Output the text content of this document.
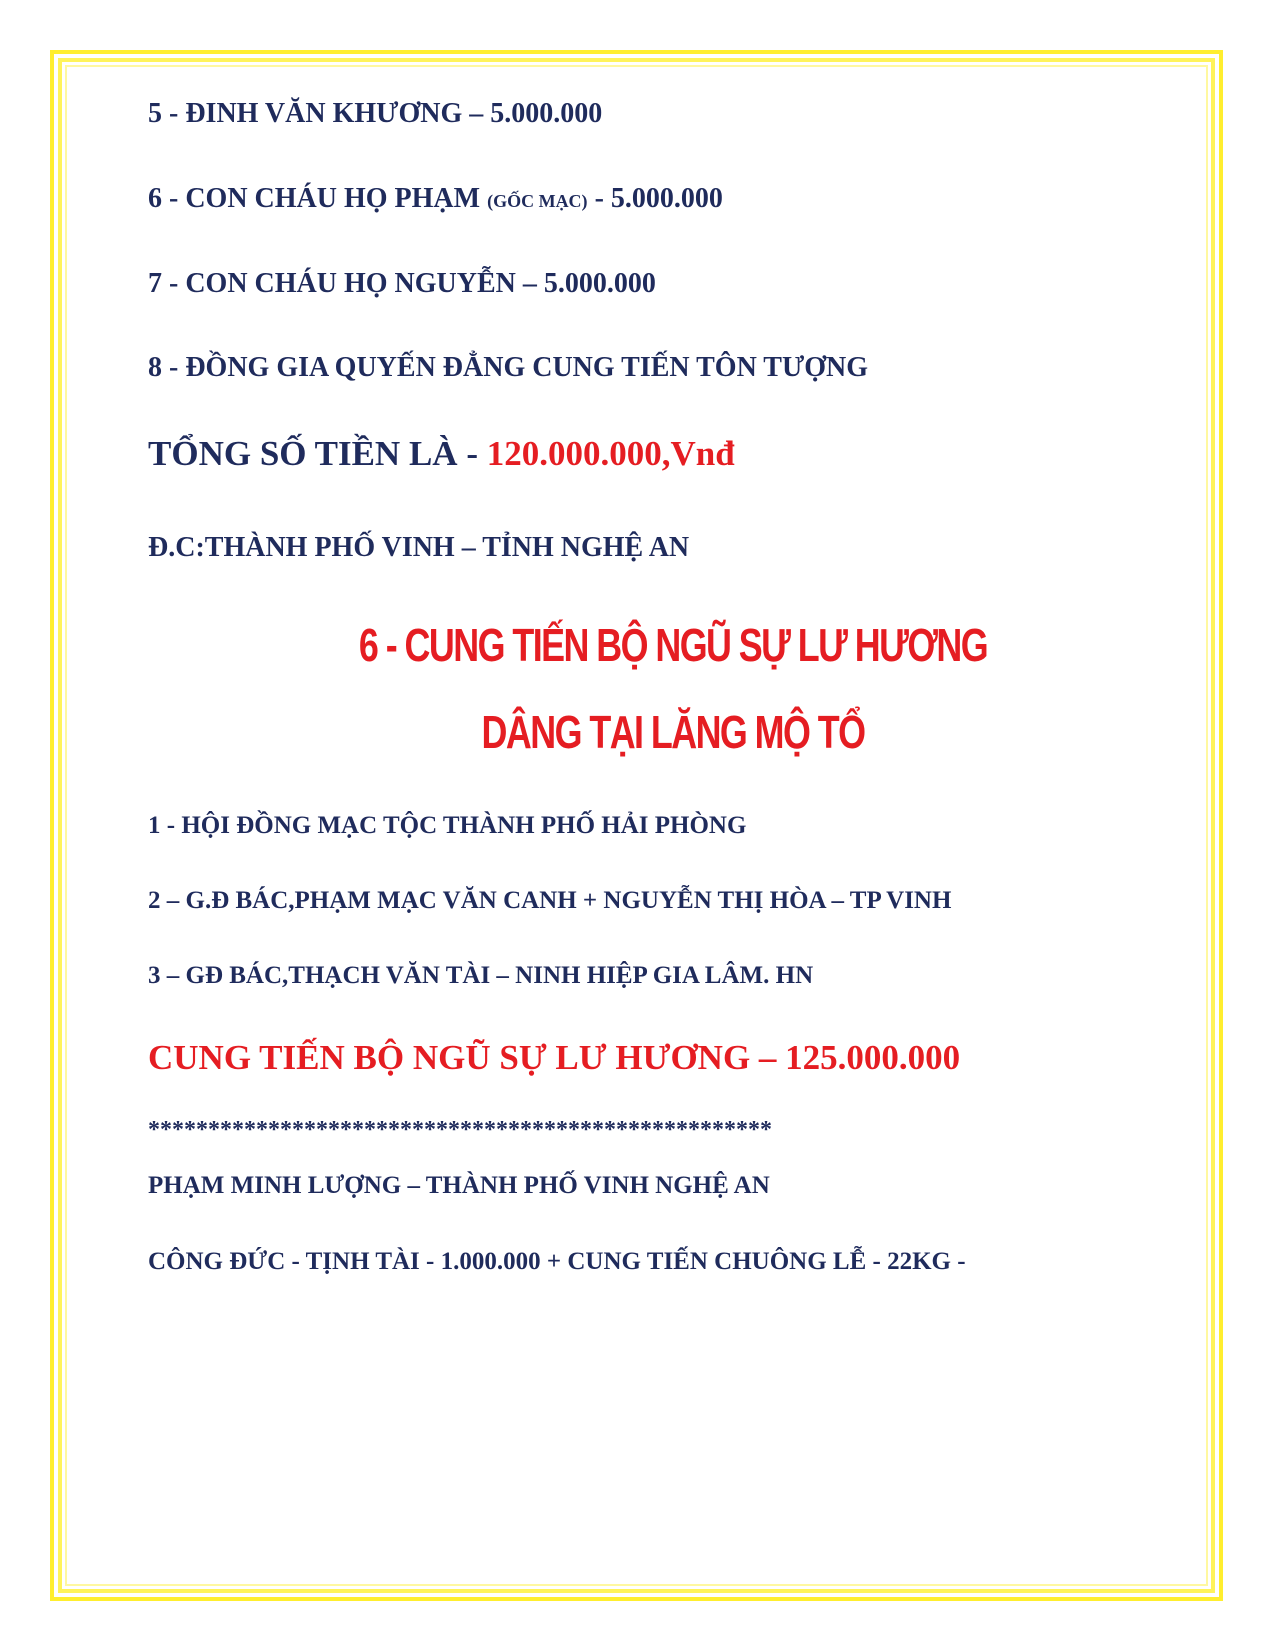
5 - ĐINH VĂN KHƯƠNG – 5.000.000

6 - CON CHÁU HỌ PHẠM (GỐC MẠC) - 5.000.000

7 - CON CHÁU HỌ NGUYỄN – 5.000.000

8 - ĐỒNG GIA QUYẾN ĐẲNG CUNG TIẾN TÔN TƯỢNG

TỔNG SỐ TIỀN LÀ - 120.000.000,Vnđ

Đ.C:THÀNH PHỐ VINH – TỈNH NGHỆ AN

6 - CUNG TIẾN BỘ NGŨ SỰ LƯ HƯƠNG

DÂNG TẠI LĂNG MỘ TỔ

1 - HỘI ĐỒNG MẠC TỘC THÀNH PHỐ HẢI PHÒNG

2 – G.Đ BÁC,PHẠM MẠC VĂN CANH + NGUYỄN THỊ HÒA – TP VINH

3 – GĐ BÁC,THẠCH VĂN TÀI – NINH HIỆP GIA LÂM. HN

CUNG TIẾN BỘ NGŨ SỰ LƯ HƯƠNG – 125.000.000

****************************************************

PHẠM MINH LƯỢNG – THÀNH PHỐ VINH NGHỆ AN

CÔNG ĐỨC - TỊNH TÀI - 1.000.000 + CUNG TIẾN CHUÔNG LỄ - 22KG -
